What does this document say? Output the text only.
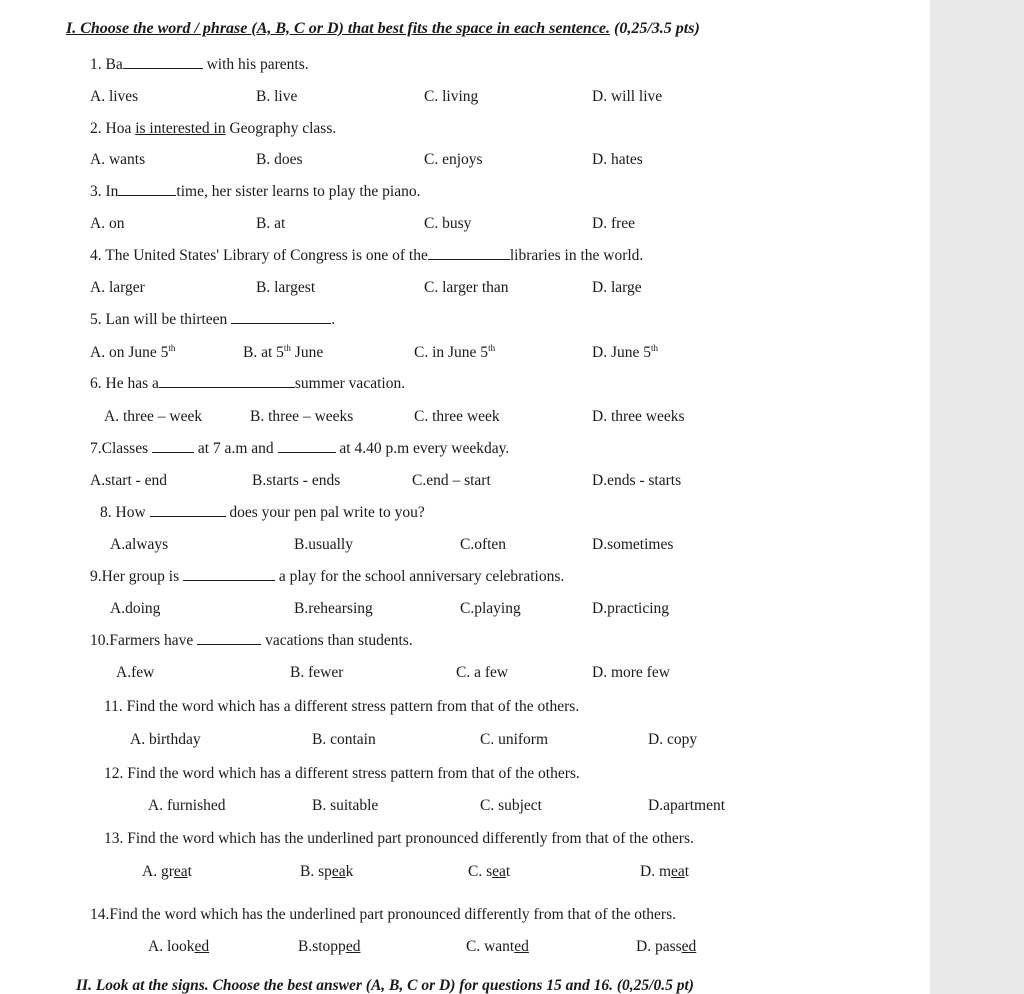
I. Choose the word / phrase (A, B, C or D) that best fits the space in each sentence. (0,25/3.5 pts)
1. Ba	with his parents.
A. lives	B. live	C. living	D. will live
2. Hoa is interested in Geography class.
A. wants	B. does	C. enjoys	D. hates
3. In	time, her sister learns to play the piano.
A. on	B. at	C. busy	D. free
4. The United States' Library of Congress is one of the	libraries in the world.
A. larger	B. largest	C. larger than	D. large
5. Lan will be thirteen	.
A. on June 5th	B. at 5th June	C. in June 5th	D. June 5th
6. He has a	summer vacation.
A. three – week	B. three – weeks	C. three week	D. three weeks
7.Classes	at 7 a.m and	at 4.40 p.m every weekday.
A.start - end	B.starts - ends	C.end – start	D.ends - starts
8. How	does your pen pal write to you?
A.always	B.usually	C.often	D.sometimes
9.Her group is	a play for the school anniversary celebrations.
A.doing	B.rehearsing	C.playing	D.practicing
10.Farmers have	vacations than students.
A.few	B. fewer	C. a few	D. more few
11. Find the word which has a different stress pattern from that of the others.
A. birthday	B. contain	C. uniform	D. copy
12. Find the word which has a different stress pattern from that of the others.
A. furnished	B. suitable	C. subject	D.apartment
13. Find the word which has the underlined part pronounced differently from that of the others.
A. great	B. speak	C. seat	D. meat
14.Find the word which has the underlined part pronounced differently from that of the others.
A. looked	B.stopped	C. wanted	D. passed
II. Look at the signs. Choose the best answer (A, B, C or D) for questions 15 and 16. (0,25/0.5 pt)
